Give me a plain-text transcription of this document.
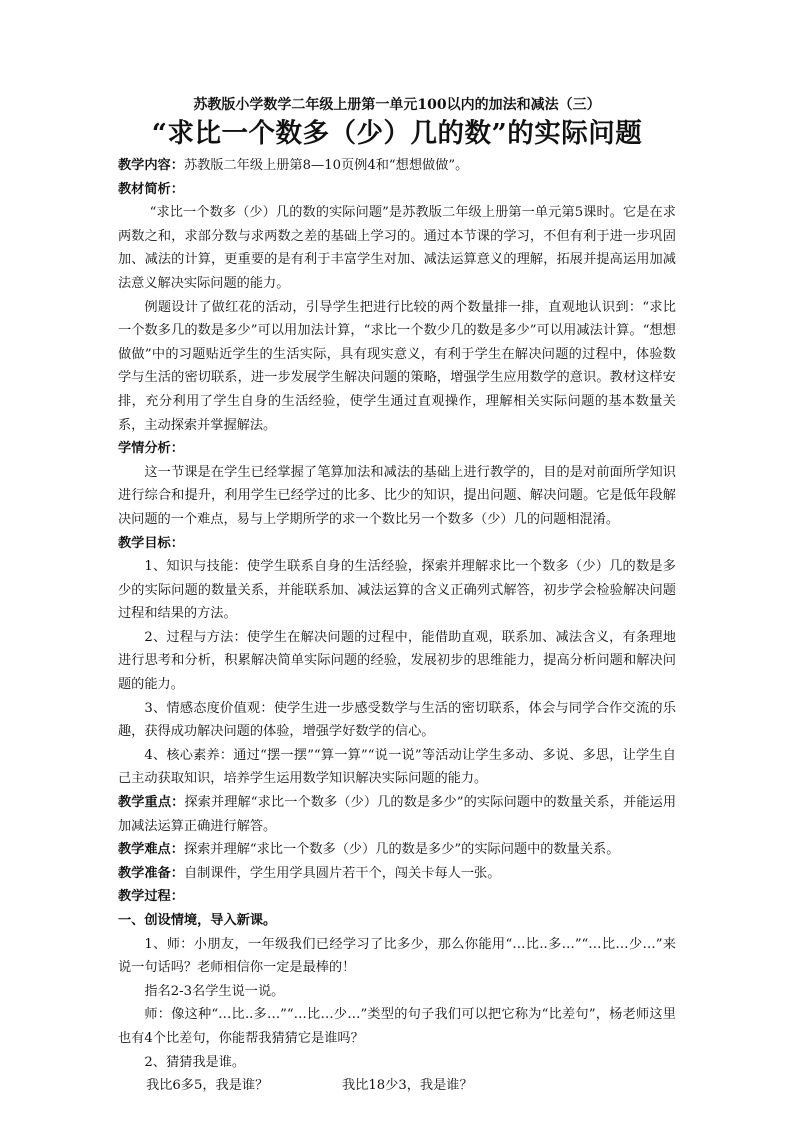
苏教版小学数学二年级上册第一单元100以内的加法和减法（三）
“求比一个数多（少）几的数”的实际问题

教学内容：苏教版二年级上册第8—10页例4和“想想做做”。

教材简析：

“求比一个数多（少）几的数的实际问题”是苏教版二年级上册第一单元第5课时。它是在求两数之和，求部分数与求两数之差的基础上学习的。通过本节课的学习，不但有利于进一步巩固加、减法的计算，更重要的是有利于丰富学生对加、减法运算意义的理解，拓展并提高运用加减法意义解决实际问题的能力。

例题设计了做红花的活动，引导学生把进行比较的两个数量排一排，直观地认识到：“求比一个数多几的数是多少”可以用加法计算，“求比一个数少几的数是多少”可以用减法计算。“想想做做”中的习题贴近学生的生活实际，具有现实意义，有利于学生在解决问题的过程中，体验数学与生活的密切联系，进一步发展学生解决问题的策略，增强学生应用数学的意识。教材这样安排，充分利用了学生自身的生活经验，使学生通过直观操作，理解相关实际问题的基本数量关系，主动探索并掌握解法。

学情分析：

这一节课是在学生已经掌握了笔算加法和减法的基础上进行教学的，目的是对前面所学知识进行综合和提升，利用学生已经学过的比多、比少的知识，提出问题、解决问题。它是低年段解决问题的一个难点，易与上学期所学的求一个数比另一个数多（少）几的问题相混淆。

教学目标：

1、知识与技能：使学生联系自身的生活经验，探索并理解求比一个数多（少）几的数是多少的实际问题的数量关系，并能联系加、减法运算的含义正确列式解答，初步学会检验解决问题过程和结果的方法。

2、过程与方法：使学生在解决问题的过程中，能借助直观，联系加、减法含义，有条理地进行思考和分析，积累解决简单实际问题的经验，发展初步的思维能力，提高分析问题和解决问题的能力。

3、情感态度价值观：使学生进一步感受数学与生活的密切联系，体会与同学合作交流的乐趣，获得成功解决问题的体验，增强学好数学的信心。

4、核心素养：通过“摆一摆”“算一算”“说一说”等活动让学生多动、多说、多思，让学生自己主动获取知识，培养学生运用数学知识解决实际问题的能力。

教学重点：探索并理解“求比一个数多（少）几的数是多少”的实际问题中的数量关系，并能运用加减法运算正确进行解答。

教学难点：探索并理解“求比一个数多（少）几的数是多少”的实际问题中的数量关系。

教学准备：自制课件，学生用学具圆片若干个，闯关卡每人一张。

教学过程：

一、创设情境，导入新课。

1、师：小朋友，一年级我们已经学习了比多少，那么你能用“…比..多…”“…比…少…”来说一句话吗？老师相信你一定是最棒的！

指名2-3名学生说一说。

师：像这种“…比..多…”“…比…少…”类型的句子我们可以把它称为“比差句”，杨老师这里也有4个比差句，你能帮我猜猜它是谁吗？

2、猜猜我是谁。

我比6多5，我是谁？	我比18少3，我是谁？
